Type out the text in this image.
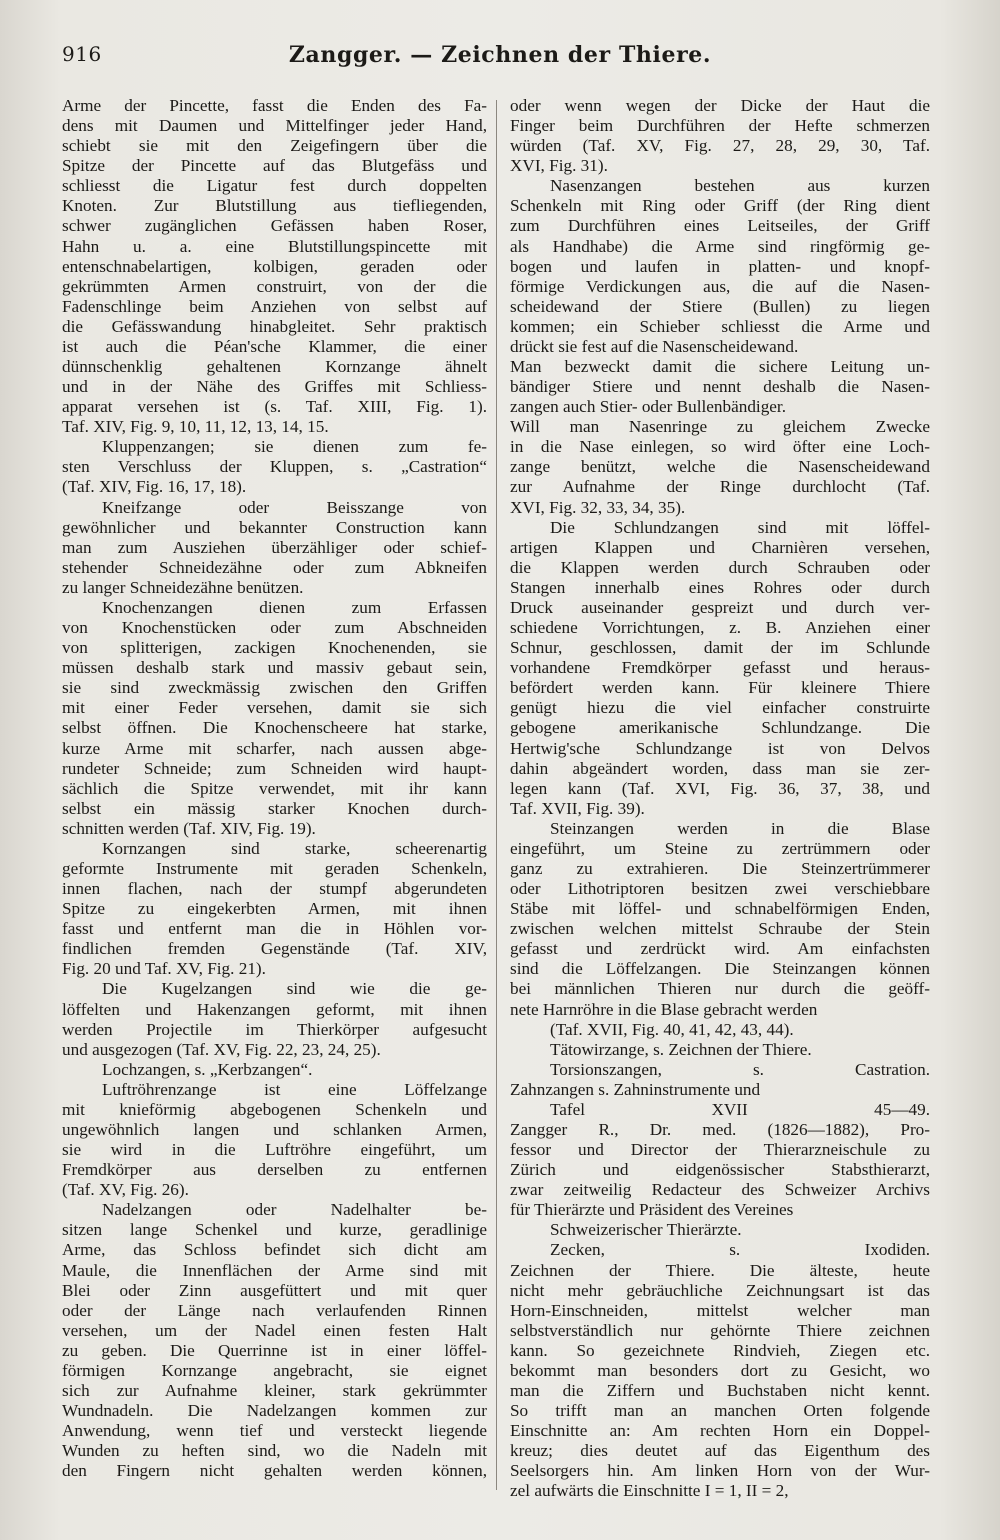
916	Zangger. — Zeichnen der Thiere.
Arme der Pincette, fasst die Enden des Fa-
dens mit Daumen und Mittelfinger jeder Hand,
schiebt sie mit den Zeigefingern über die
Spitze der Pincette auf das Blutgefäss und
schliesst die Ligatur fest durch doppelten
Knoten. Zur Blutstillung aus tiefliegenden,
schwer zugänglichen Gefässen haben Roser,
Hahn u. a. eine Blutstillungspincette mit
entenschnabelartigen, kolbigen, geraden oder
gekrümmten Armen construirt, von der die
Fadenschlinge beim Anziehen von selbst auf
die Gefässwandung hinabgleitet. Sehr praktisch
ist auch die Péan'sche Klammer, die einer
dünnschenklig gehaltenen Kornzange ähnelt
und in der Nähe des Griffes mit Schliess-
apparat versehen ist (s. Taf. XIII, Fig. 1).
Taf. XIV, Fig. 9, 10, 11, 12, 13, 14, 15.
Kluppenzangen; sie dienen zum fe-
sten Verschluss der Kluppen, s. „Castration“
(Taf. XIV, Fig. 16, 17, 18).
Kneifzange oder Beisszange von
gewöhnlicher und bekannter Construction kann
man zum Ausziehen überzähliger oder schief-
stehender Schneidezähne oder zum Abkneifen
zu langer Schneidezähne benützen.
Knochenzangen dienen zum Erfassen
von Knochenstücken oder zum Abschneiden
von splitterigen, zackigen Knochenenden, sie
müssen deshalb stark und massiv gebaut sein,
sie sind zweckmässig zwischen den Griffen
mit einer Feder versehen, damit sie sich
selbst öffnen. Die Knochenscheere hat starke,
kurze Arme mit scharfer, nach aussen abge-
rundeter Schneide; zum Schneiden wird haupt-
sächlich die Spitze verwendet, mit ihr kann
selbst ein mässig starker Knochen durch-
schnitten werden (Taf. XIV, Fig. 19).
Kornzangen sind starke, scheerenartig
geformte Instrumente mit geraden Schenkeln,
innen flachen, nach der stumpf abgerundeten
Spitze zu eingekerbten Armen, mit ihnen
fasst und entfernt man die in Höhlen vor-
findlichen fremden Gegenstände (Taf. XIV,
Fig. 20 und Taf. XV, Fig. 21).
Die Kugelzangen sind wie die ge-
löffelten und Hakenzangen geformt, mit ihnen
werden Projectile im Thierkörper aufgesucht
und ausgezogen (Taf. XV, Fig. 22, 23, 24, 25).
Lochzangen, s. „Kerbzangen“.
Luftröhrenzange ist eine Löffelzange
mit knieförmig abgebogenen Schenkeln und
ungewöhnlich langen und schlanken Armen,
sie wird in die Luftröhre eingeführt, um
Fremdkörper aus derselben zu entfernen
(Taf. XV, Fig. 26).
Nadelzangen oder Nadelhalter be-
sitzen lange Schenkel und kurze, geradlinige
Arme, das Schloss befindet sich dicht am
Maule, die Innenflächen der Arme sind mit
Blei oder Zinn ausgefüttert und mit quer
oder der Länge nach verlaufenden Rinnen
versehen, um der Nadel einen festen Halt
zu geben. Die Querrinne ist in einer löffel-
förmigen Kornzange angebracht, sie eignet
sich zur Aufnahme kleiner, stark gekrümmter
Wundnadeln. Die Nadelzangen kommen zur
Anwendung, wenn tief und versteckt liegende
Wunden zu heften sind, wo die Nadeln mit
den Fingern nicht gehalten werden können,
oder wenn wegen der Dicke der Haut die
Finger beim Durchführen der Hefte schmerzen
würden (Taf. XV, Fig. 27, 28, 29, 30, Taf.
XVI, Fig. 31).
Nasenzangen bestehen aus kurzen
Schenkeln mit Ring oder Griff (der Ring dient
zum Durchführen eines Leitseiles, der Griff
als Handhabe) die Arme sind ringförmig ge-
bogen und laufen in platten- und knopf-
förmige Verdickungen aus, die auf die Nasen-
scheidewand der Stiere (Bullen) zu liegen
kommen; ein Schieber schliesst die Arme und
drückt sie fest auf die Nasenscheidewand.
Man bezweckt damit die sichere Leitung un-
bändiger Stiere und nennt deshalb die Nasen-
zangen auch Stier- oder Bullenbändiger.
Will man Nasenringe zu gleichem Zwecke
in die Nase einlegen, so wird öfter eine Loch-
zange benützt, welche die Nasenscheidewand
zur Aufnahme der Ringe durchlocht (Taf.
XVI, Fig. 32, 33, 34, 35).
Die Schlundzangen sind mit löffel-
artigen Klappen und Charnièren versehen,
die Klappen werden durch Schrauben oder
Stangen innerhalb eines Rohres oder durch
Druck auseinander gespreizt und durch ver-
schiedene Vorrichtungen, z. B. Anziehen einer
Schnur, geschlossen, damit der im Schlunde
vorhandene Fremdkörper gefasst und heraus-
befördert werden kann. Für kleinere Thiere
genügt hiezu die viel einfacher construirte
gebogene amerikanische Schlundzange. Die
Hertwig'sche Schlundzange ist von Delvos
dahin abgeändert worden, dass man sie zer-
legen kann (Taf. XVI, Fig. 36, 37, 38, und
Taf. XVII, Fig. 39).
Steinzangen werden in die Blase
eingeführt, um Steine zu zertrümmern oder
ganz zu extrahieren. Die Steinzertrümmerer
oder Lithotriptoren besitzen zwei verschiebbare
Stäbe mit löffel- und schnabelförmigen Enden,
zwischen welchen mittelst Schraube der Stein
gefasst und zerdrückt wird. Am einfachsten
sind die Löffelzangen. Die Steinzangen können
bei männlichen Thieren nur durch die geöff-
nete Harnröhre in die Blase gebracht werden
(Taf. XVII, Fig. 40, 41, 42, 43, 44).
Tätowirzange, s. Zeichnen der Thiere.
Torsionszangen, s. Castration.
Zahnzangen s. Zahninstrumente und
Tafel XVII 45—49.
Zangger R., Dr. med. (1826—1882), Pro-
fessor und Director der Thierarzneischule zu
Zürich und eidgenössischer Stabsthierarzt,
zwar zeitweilig Redacteur des Schweizer Archivs
für Thierärzte und Präsident des Vereines
Schweizerischer Thierärzte.
Zecken, s. Ixodiden.
Zeichnen der Thiere. Die älteste, heute
nicht mehr gebräuchliche Zeichnungsart ist das
Horn-Einschneiden, mittelst welcher man
selbstverständlich nur gehörnte Thiere zeichnen
kann. So gezeichnete Rindvieh, Ziegen etc.
bekommt man besonders dort zu Gesicht, wo
man die Ziffern und Buchstaben nicht kennt.
So trifft man an manchen Orten folgende
Einschnitte an: Am rechten Horn ein Doppel-
kreuz; dies deutet auf das Eigenthum des
Seelsorgers hin. Am linken Horn von der Wur-
zel aufwärts die Einschnitte I = 1, II = 2,
